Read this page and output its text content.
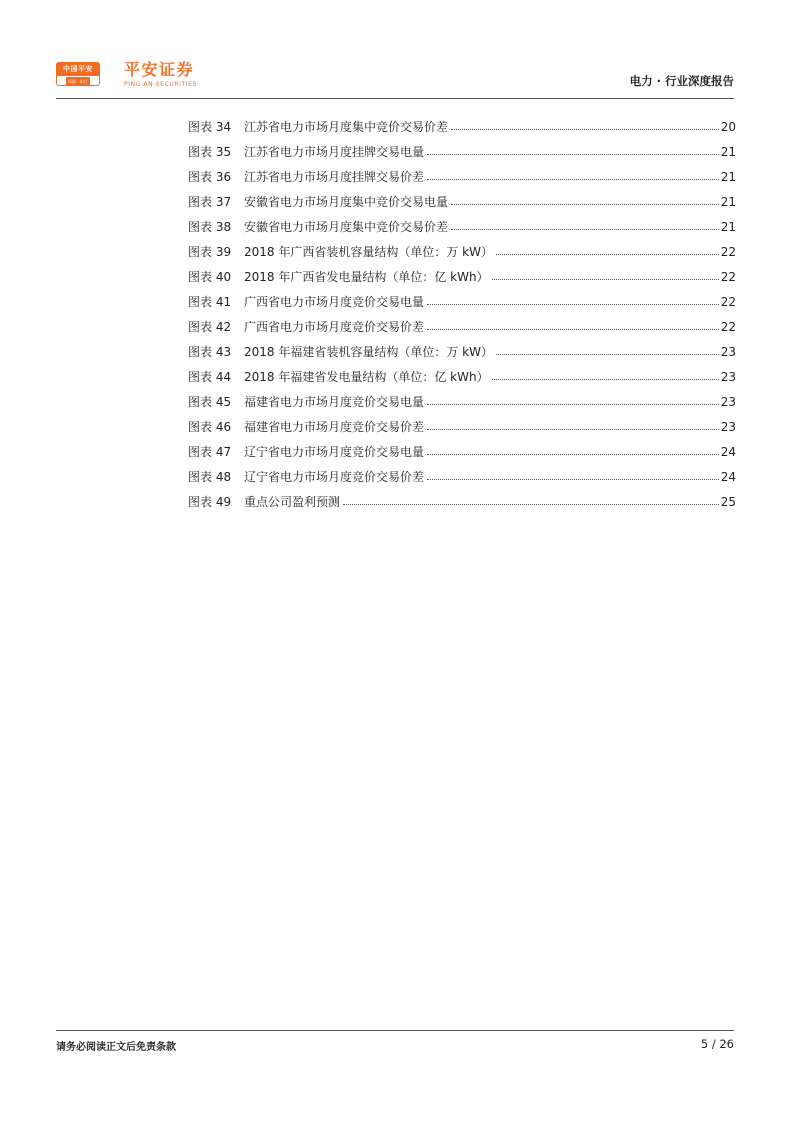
中国平安
保险 · 银行
平安证券
PING AN SECURITIES	电力 · 行业深度报告
图表 34	江苏省电力市场月度集中竞价交易价差	20
图表 35	江苏省电力市场月度挂牌交易电量	21
图表 36	江苏省电力市场月度挂牌交易价差	21
图表 37	安徽省电力市场月度集中竞价交易电量	21
图表 38	安徽省电力市场月度集中竞价交易价差	21
图表 39	2018 年广西省装机容量结构（单位：万 kW）	22
图表 40	2018 年广西省发电量结构（单位：亿 kWh）	22
图表 41	广西省电力市场月度竞价交易电量	22
图表 42	广西省电力市场月度竞价交易价差	22
图表 43	2018 年福建省装机容量结构（单位：万 kW）	23
图表 44	2018 年福建省发电量结构（单位：亿 kWh）	23
图表 45	福建省电力市场月度竞价交易电量	23
图表 46	福建省电力市场月度竞价交易价差	23
图表 47	辽宁省电力市场月度竞价交易电量	24
图表 48	辽宁省电力市场月度竞价交易价差	24
图表 49	重点公司盈利预测	25
请务必阅读正文后免责条款	5 / 26
